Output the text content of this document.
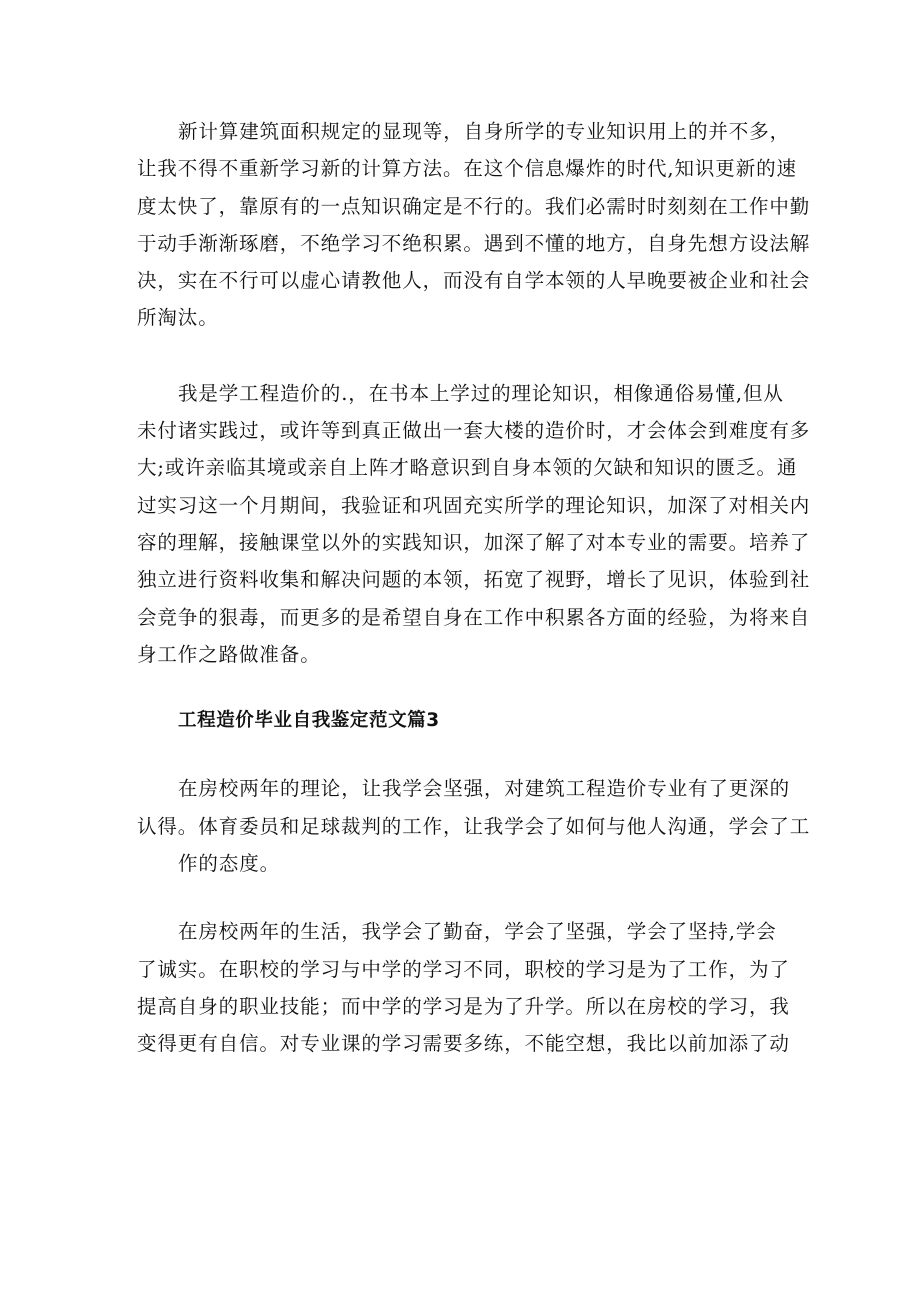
新计算建筑面积规定的显现等，自身所学的专业知识用上的并不多，
让我不得不重新学习新的计算方法。在这个信息爆炸的时代,知识更新的速
度太快了，靠原有的一点知识确定是不行的。我们必需时时刻刻在工作中勤
于动手渐渐琢磨，不绝学习不绝积累。遇到不懂的地方，自身先想方设法解
决，实在不行可以虚心请教他人，而没有自学本领的人早晚要被企业和社会
所淘汰。

我是学工程造价的.，在书本上学过的理论知识，相像通俗易懂,但从
未付诸实践过，或许等到真正做出一套大楼的造价时，才会体会到难度有多
大;或许亲临其境或亲自上阵才略意识到自身本领的欠缺和知识的匮乏。通
过实习这一个月期间，我验证和巩固充实所学的理论知识，加深了对相关内
容的理解，接触课堂以外的实践知识，加深了解了对本专业的需要。培养了
独立进行资料收集和解决问题的本领，拓宽了视野，增长了见识，体验到社
会竞争的狠毒，而更多的是希望自身在工作中积累各方面的经验，为将来自
身工作之路做准备。

工程造价毕业自我鉴定范文篇3

在房校两年的理论，让我学会坚强，对建筑工程造价专业有了更深的
认得。体育委员和足球裁判的工作，让我学会了如何与他人沟通，学会了工
作的态度。

在房校两年的生活，我学会了勤奋，学会了坚强，学会了坚持,学会
了诚实。在职校的学习与中学的学习不同，职校的学习是为了工作，为了
提高自身的职业技能；而中学的学习是为了升学。所以在房校的学习，我
变得更有自信。对专业课的学习需要多练，不能空想，我比以前加添了动
